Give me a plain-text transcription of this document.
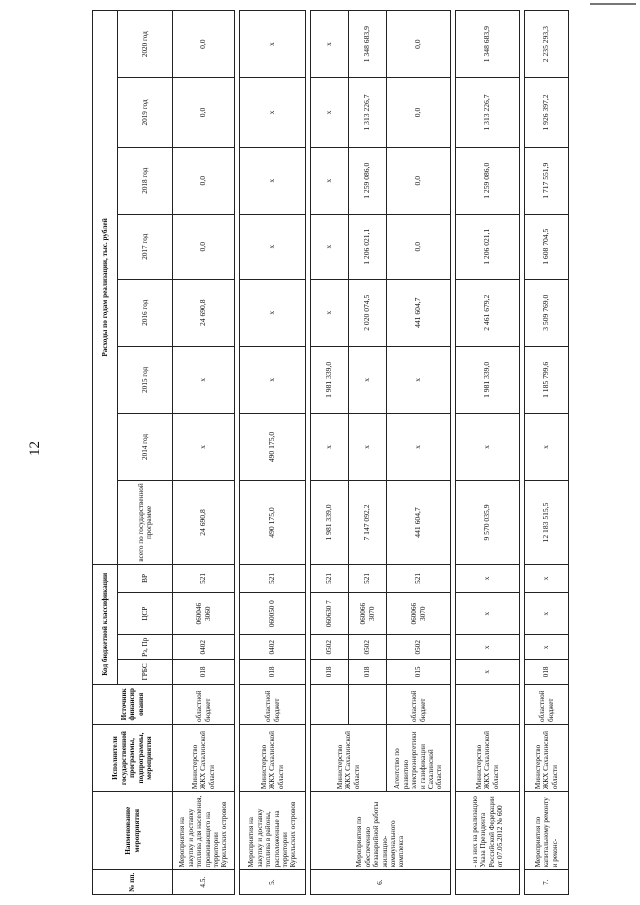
12
№ пп.	Наименование мероприятия	Исполнители государственной программы, подпрограммы, мероприятия	Источник финансирования	Код бюджетной классификации				Расходы по годам реализации, тыс. рублей							
				ГРБС	Рз, Пр	ЦСР	ВР	всего по государственной программе	2014 год	2015 год	2016 год	2017 год	2018 год	2019 год	2020 год
4.5.	Мероприятия на закупку и доставку топлива для населения, проживающего на территории Курильских островов	Министерство ЖКХ Сахалинской области	областной бюджет	018	0402	060046 3060	521	24 690,8	х	х	24 690,8	0,0	0,0	0,0	0,0

5.	Мероприятия на закупку и доставку топлива в районы, расположенные на территории Курильских островов	Министерство ЖКХ Сахалинской области	областной бюджет	018	0402	060050 0	521	490 175,0	490 175,0	х	х	х	х	х	х

6.	Мероприятия по обеспечению безаварийной работы жилищно-коммунального комплекса	Министерство ЖКХ Сахалинской области		018	0502	060630 7	521	1 981 339,0	х	1 981 339,0	х	х	х	х	х
				018	0502	060066 3070	521	7 147 092,2	х	х	2 020 074,5	1 206 021,1	1 259 086,0	1 313 226,7	1 348 683,9
		Агентство по развитию электроэнергетики и газификации Сахалинской области	областной бюджет	015	0502	060066 3070	521	441 604,7	х	х	441 604,7	0,0	0,0	0,0	0,0

	- из них на реализацию Указа Президента Российской Федерации от 07.05.2012 № 600	Министерство ЖКХ Сахалинской области		х	х	х	х	9 570 035,9	х	1 981 339,0	2 461 679,2	1 206 021,1	1 259 086,0	1 313 226,7	1 348 683,9

7.	Мероприятия по капитальному ремонту и реконс-	Министерство ЖКХ Сахалинской области	областной бюджет	018	х	х	х	12 183 515,5	х	1 185 799,6	3 509 769,0	1 608 704,5	1 717 551,9	1 926 397,2	2 235 293,3
